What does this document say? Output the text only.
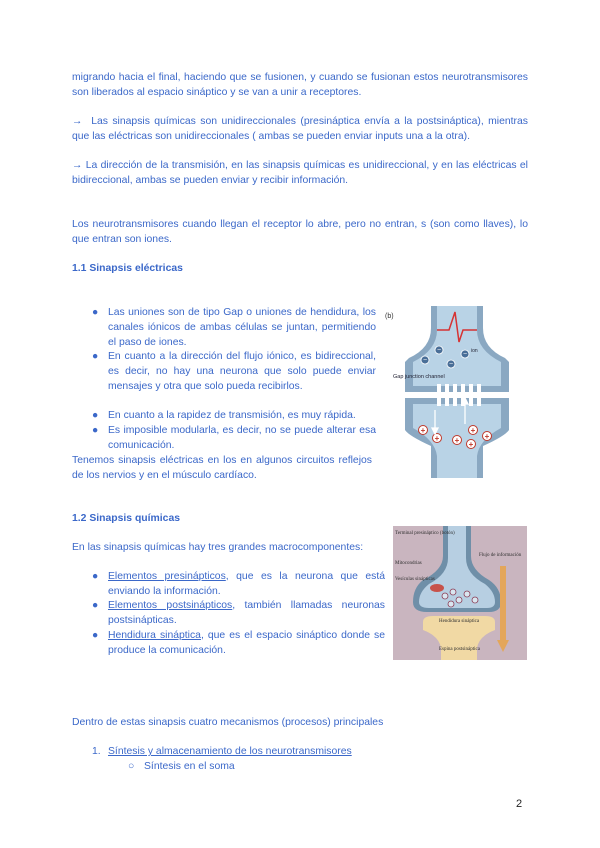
migrando hacia el final, haciendo que se fusionen, y cuando se fusionan estos neurotransmisores son liberados al espacio sináptico y se van a unir a receptores.

→ Las sinapsis químicas son unidireccionales (presináptica envía a la postsináptica), mientras que las eléctricas son unidireccionales ( ambas se pueden enviar inputs una a la otra).

→ La dirección de la transmisión, en las sinapsis químicas es unidireccional, y en las eléctricas el bidireccional, ambas se pueden enviar y recibir información.

Los neurotransmisores cuando llegan el receptor lo abre, pero no entran, s (son como llaves), lo que entran son iones.

1.1 Sinapsis eléctricas

● Las uniones son de tipo Gap o uniones de hendidura, los canales iónicos de ambas células se juntan, permitiendo el paso de iones.

● En cuanto a la dirección del flujo iónico, es bidireccional, es decir, no hay una neurona que solo puede enviar mensajes y otra que solo pueda recibirlos.

● En cuanto a la rapidez de transmisión, es muy rápida.

● Es imposible modularla, es decir, no se puede alterar esa comunicación.

Tenemos sinapsis eléctricas en los en algunos circuitos reflejos de los nervios y en el músculo cardíaco.

(b)
Gap junction channel
−
−
−
− ion
+
+ +
+
+
+

1.2 Sinapsis químicas

En las sinapsis químicas hay tres grandes macrocomponentes:

● Elementos presinápticos, que es la neurona que está enviando la información.

● Elementos postsinápticos, también llamadas neuronas postsinápticas.

● Hendidura sináptica, que es el espacio sináptico donde se produce la comunicación.

Terminal presináptico (botón)
Mitocondrias
Vesículas sinápticas
Flujo de información
Hendidura sináptica
Espina postsináptica

Dentro de estas sinapsis cuatro mecanismos (procesos) principales

1. Síntesis y almacenamiento de los neurotransmisores

○ Síntesis en el soma

2
